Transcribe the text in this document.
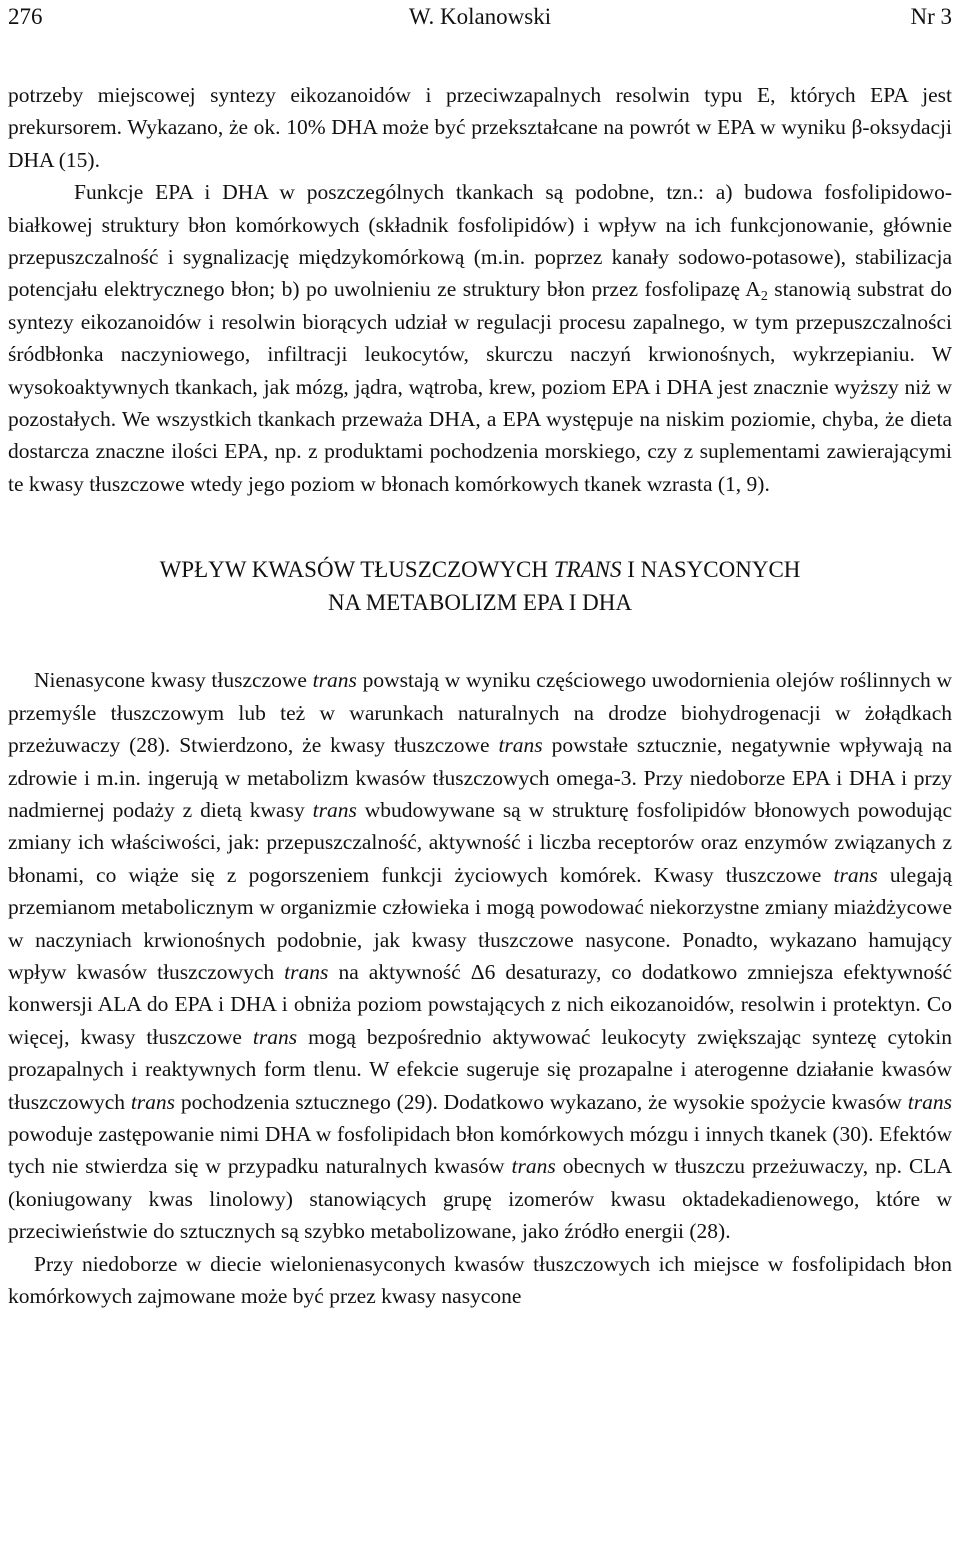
276	W. Kolanowski	Nr 3

potrzeby miejscowej syntezy eikozanoidów i przeciwzapalnych resolwin typu E, których EPA jest prekursorem. Wykazano, że ok. 10% DHA może być przekształcane na powrót w EPA w wyniku β-oksydacji DHA (15).
Funkcje EPA i DHA w poszczególnych tkankach są podobne, tzn.: a) budowa fosfolipidowo-białkowej struktury błon komórkowych (składnik fosfolipidów) i wpływ na ich funkcjonowanie, głównie przepuszczalność i sygnalizację międzykomórkową (m.in. poprzez kanały sodowo-potasowe), stabilizacja potencjału elektrycznego błon; b) po uwolnieniu ze struktury błon przez fosfolipazę $A_2$ stanowią substrat do syntezy eikozanoidów i resolwin biorących udział w regulacji procesu zapalnego, w tym przepuszczalności śródbłonka naczyniowego, infiltracji leukocytów, skurczu naczyń krwionośnych, wykrzepianiu. W wysokoaktywnych tkankach, jak mózg, jądra, wątroba, krew, poziom EPA i DHA jest znacznie wyższy niż w pozostałych. We wszystkich tkankach przeważa DHA, a EPA występuje na niskim poziomie, chyba, że dieta dostarcza znaczne ilości EPA, np. z produktami pochodzenia morskiego, czy z suplementami zawierającymi te kwasy tłuszczowe wtedy jego poziom w błonach komórkowych tkanek wzrasta (1, 9).

WPŁYW KWASÓW TŁUSZCZOWYCH TRANS I NASYCONYCH
NA METABOLIZM EPA I DHA

Nienasycone kwasy tłuszczowe trans powstają w wyniku częściowego uwodornienia olejów roślinnych w przemyśle tłuszczowym lub też w warunkach naturalnych na drodze biohydrogenacji w żołądkach przeżuwaczy (28). Stwierdzono, że kwasy tłuszczowe trans powstałe sztucznie, negatywnie wpływają na zdrowie i m.in. ingerują w metabolizm kwasów tłuszczowych omega-3. Przy niedoborze EPA i DHA i przy nadmiernej podaży z dietą kwasy trans wbudowywane są w strukturę fosfolipidów błonowych powodując zmiany ich właściwości, jak: przepuszczalność, aktywność i liczba receptorów oraz enzymów związanych z błonami, co wiąże się z pogorszeniem funkcji życiowych komórek. Kwasy tłuszczowe trans ulegają przemianom metabolicznym w organizmie człowieka i mogą powodować niekorzystne zmiany miażdżycowe w naczyniach krwionośnych podobnie, jak kwasy tłuszczowe nasycone. Ponadto, wykazano hamujący wpływ kwasów tłuszczowych trans na aktywność Δ6 desaturazy, co dodatkowo zmniejsza efektywność konwersji ALA do EPA i DHA i obniża poziom powstających z nich eikozanoidów, resolwin i protektyn. Co więcej, kwasy tłuszczowe trans mogą bezpośrednio aktywować leukocyty zwiększając syntezę cytokin prozapalnych i reaktywnych form tlenu. W efekcie sugeruje się prozapalne i aterogenne działanie kwasów tłuszczowych trans pochodzenia sztucznego (29). Dodatkowo wykazano, że wysokie spożycie kwasów trans powoduje zastępowanie nimi DHA w fosfolipidach błon komórkowych mózgu i innych tkanek (30). Efektów tych nie stwierdza się w przypadku naturalnych kwasów trans obecnych w tłuszczu przeżuwaczy, np. CLA (koniugowany kwas linolowy) stanowiących grupę izomerów kwasu oktadekadienowego, które w przeciwieństwie do sztucznych są szybko metabolizowane, jako źródło energii (28).

Przy niedoborze w diecie wielonienasyconych kwasów tłuszczowych ich miejsce w fosfolipidach błon komórkowych zajmowane może być przez kwasy nasycone
